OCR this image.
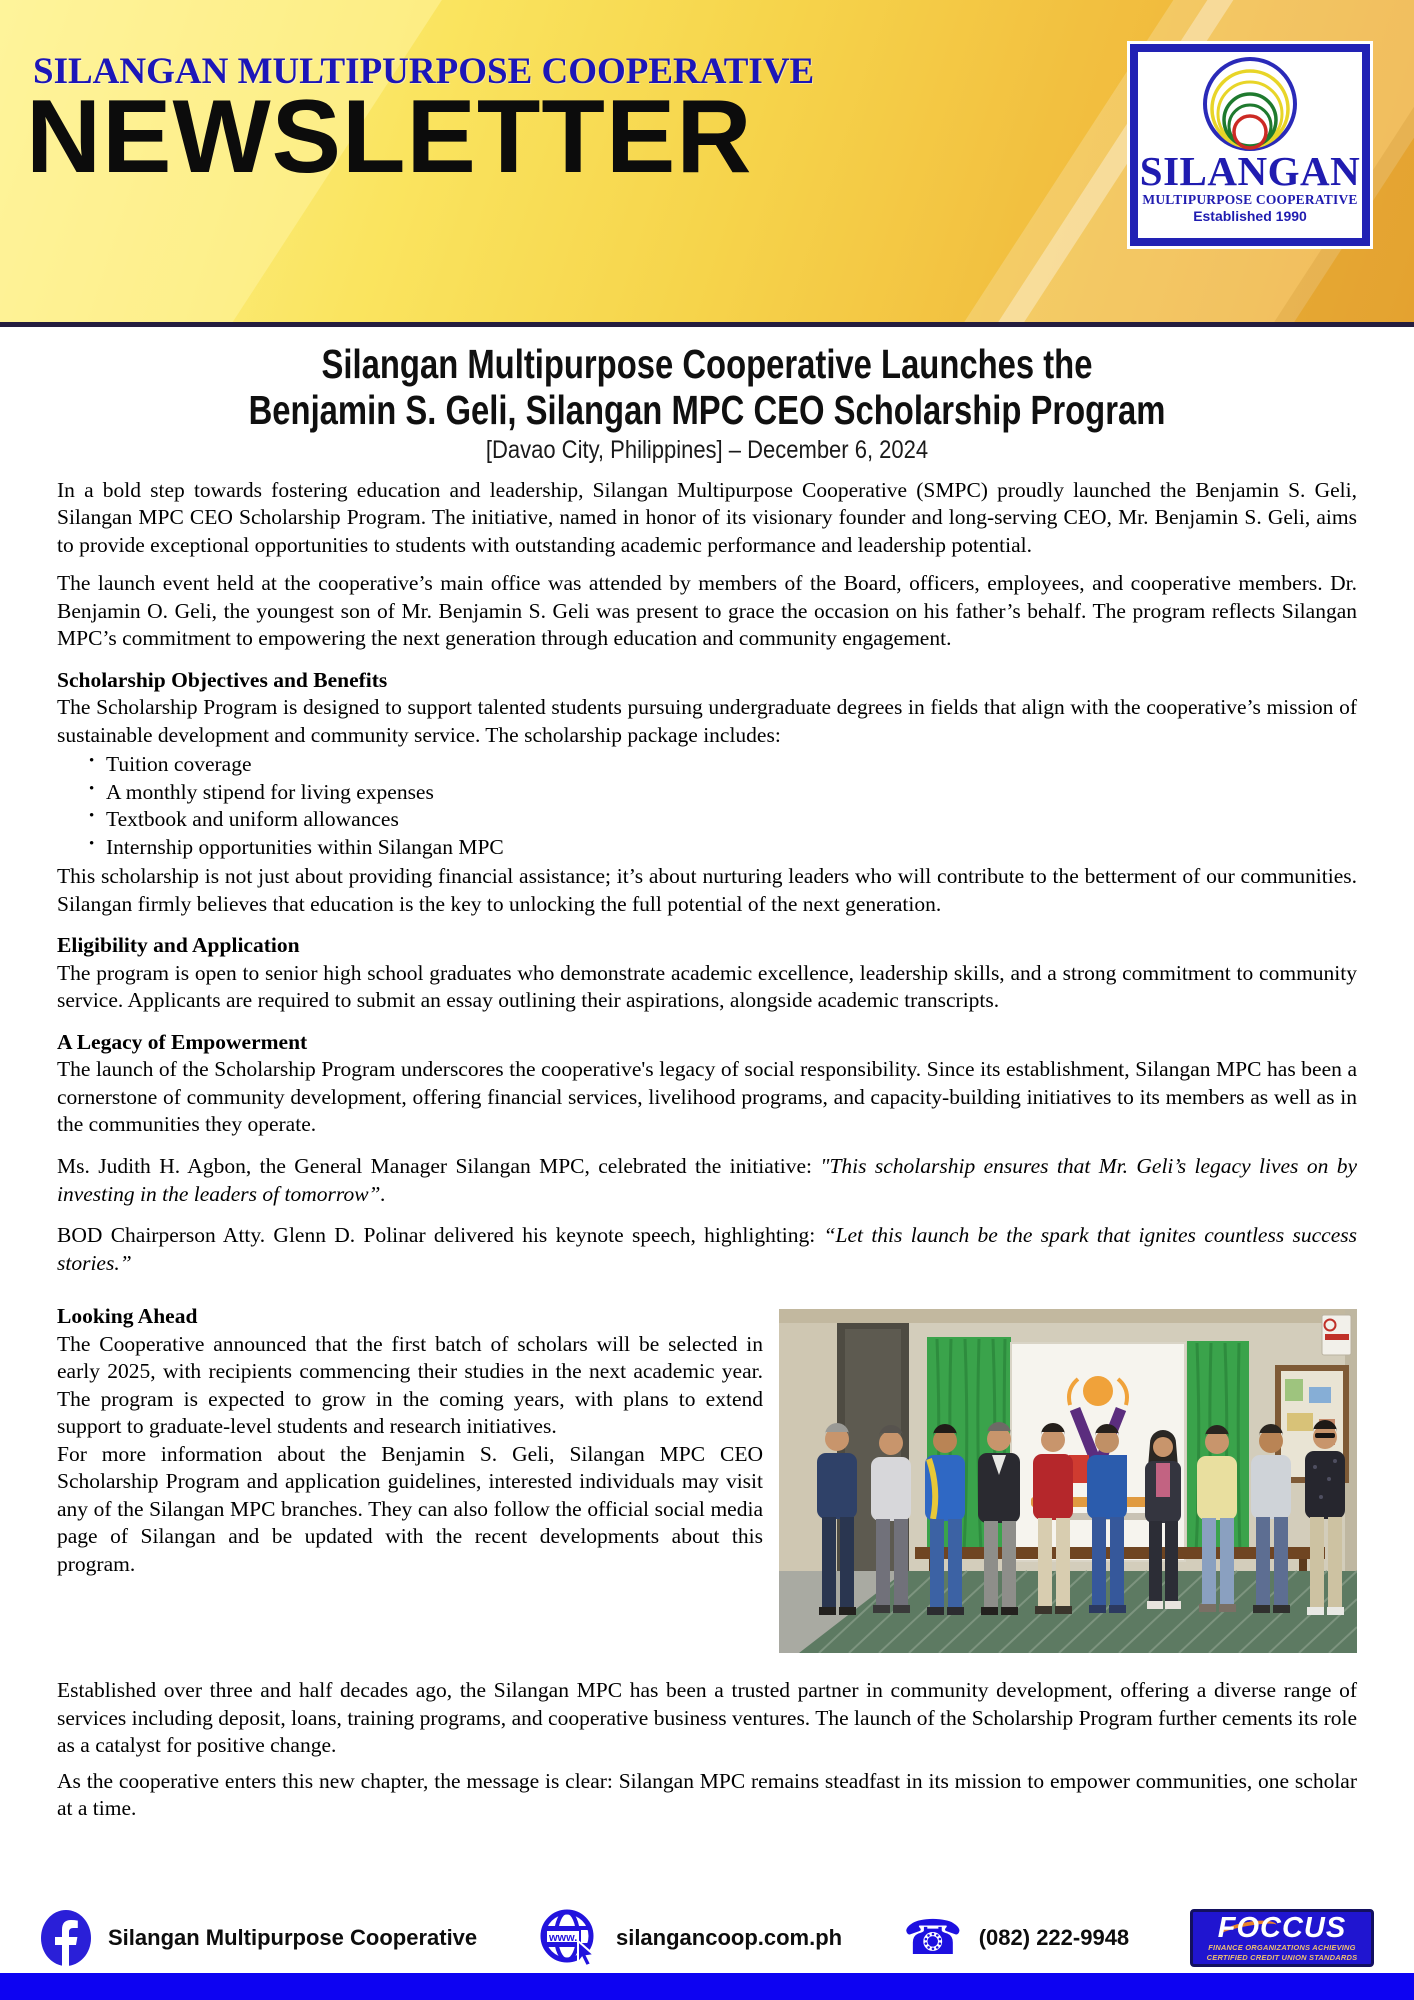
SILANGAN MULTIPURPOSE COOPERATIVE
NEWSLETTER	SILANGAN
MULTIPURPOSE COOPERATIVE
Established 1990
Silangan Multipurpose Cooperative Launches the
Benjamin S. Geli, Silangan MPC CEO Scholarship Program
[Davao City, Philippines] – December 6, 2024

In a bold step towards fostering education and leadership, Silangan Multipurpose Cooperative (SMPC) proudly launched the Benjamin S. Geli, Silangan MPC CEO Scholarship Program. The initiative, named in honor of its visionary founder and long-serving CEO, Mr. Benjamin S. Geli, aims to provide exceptional opportunities to students with outstanding academic performance and leadership potential.

The launch event held at the cooperative’s main office was attended by members of the Board, officers, employees, and cooperative members. Dr. Benjamin O. Geli, the youngest son of Mr. Benjamin S. Geli was present to grace the occasion on his father’s behalf. The program reflects Silangan MPC’s commitment to empowering the next generation through education and community engagement.

Scholarship Objectives and Benefits

The Scholarship Program is designed to support talented students pursuing undergraduate degrees in fields that align with the cooperative’s mission of sustainable development and community service. The scholarship package includes:

• Tuition coverage
• A monthly stipend for living expenses
• Textbook and uniform allowances
• Internship opportunities within Silangan MPC

This scholarship is not just about providing financial assistance; it’s about nurturing leaders who will contribute to the betterment of our communities. Silangan firmly believes that education is the key to unlocking the full potential of the next generation.

Eligibility and Application

The program is open to senior high school graduates who demonstrate academic excellence, leadership skills, and a strong commitment to community service. Applicants are required to submit an essay outlining their aspirations, alongside academic transcripts.

A Legacy of Empowerment

The launch of the Scholarship Program underscores the cooperative's legacy of social responsibility. Since its establishment, Silangan MPC has been a cornerstone of community development, offering financial services, livelihood programs, and capacity-building initiatives to its members as well as in the communities they operate.

Ms. Judith H. Agbon, the General Manager Silangan MPC, celebrated the initiative: "This scholarship ensures that Mr. Geli’s legacy lives on by investing in the leaders of tomorrow”.

BOD Chairperson Atty. Glenn D. Polinar delivered his keynote speech, highlighting: “Let this launch be the spark that ignites countless success stories.”

Looking Ahead

The Cooperative announced that the first batch of scholars will be selected in early 2025, with recipients commencing their studies in the next academic year. The program is expected to grow in the coming years, with plans to extend support to graduate-level students and research initiatives.

For more information about the Benjamin S. Geli, Silangan MPC CEO Scholarship Program and application guidelines, interested individuals may visit any of the Silangan MPC branches. They can also follow the official social media page of Silangan and be updated with the recent developments about this program.

Established over three and half decades ago, the Silangan MPC has been a trusted partner in community development, offering a diverse range of services including deposit, loans, training programs, and cooperative business ventures. The launch of the Scholarship Program further cements its role as a catalyst for positive change.

As the cooperative enters this new chapter, the message is clear: Silangan MPC remains steadfast in its mission to empower communities, one scholar at a time.

Silangan Multipurpose Cooperative	www. silangancoop.com.ph ☎ (082) 222-9948	FOCCUS
FINANCE ORGANIZATIONS ACHIEVING
CERTIFIED CREDIT UNION STANDARDS
